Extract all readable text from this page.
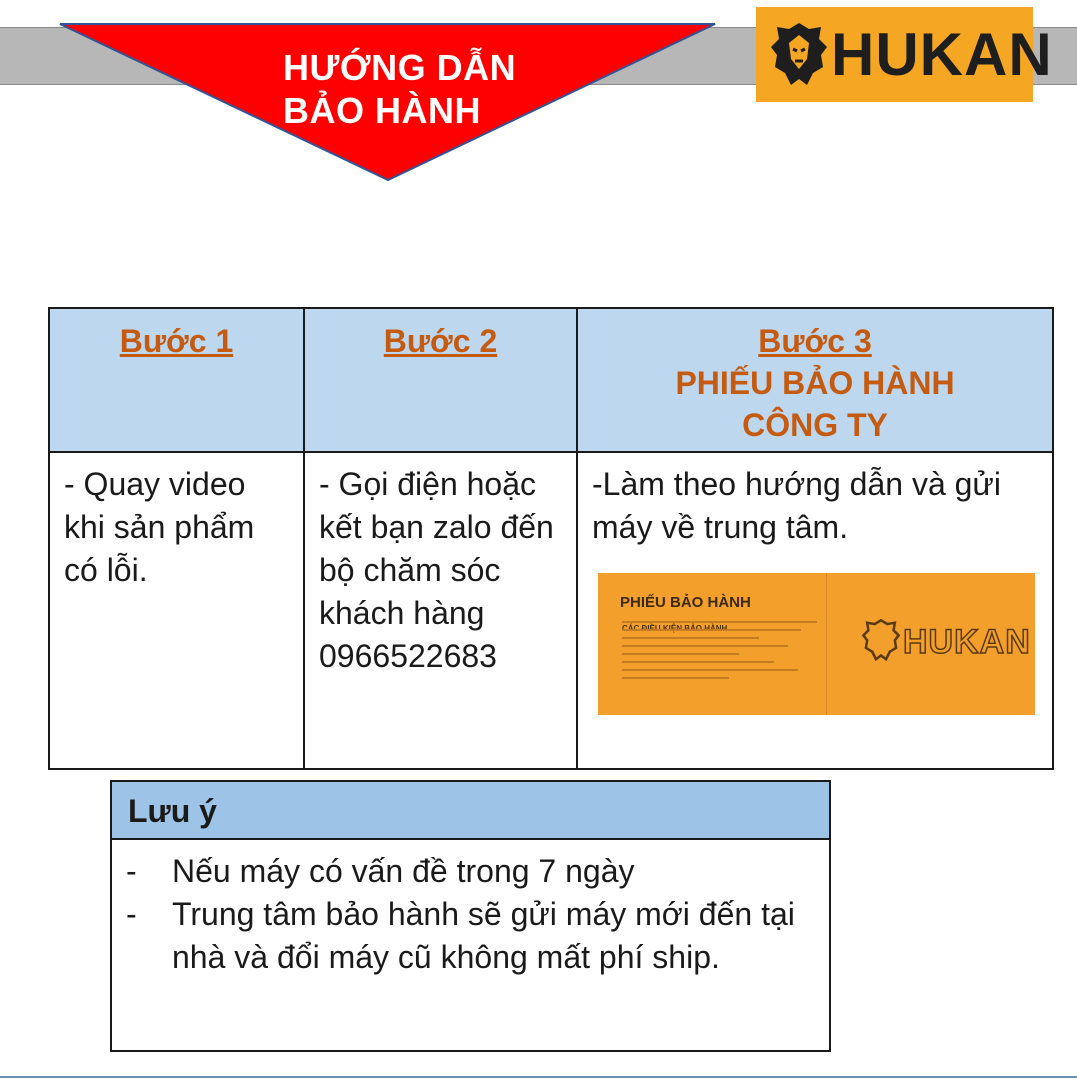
HƯỚNG DẪN
BẢO HÀNH
HUKAN
Bước 1	Bước 2	Bước 3
PHIẾU BẢO HÀNH
CÔNG TY

- Quay video khi sản phẩm có lỗi.	- Gọi điện hoặc kết bạn zalo đến bộ chăm sóc khách hàng 0966522683	-Làm theo hướng dẫn và gửi máy về trung tâm.
PHIẾU BẢO HÀNH
HUKAN
Lưu ý
-	Nếu máy có vấn đề trong 7 ngày
-	Trung tâm bảo hành sẽ gửi máy mới đến tại nhà và đổi máy cũ không mất phí ship.
